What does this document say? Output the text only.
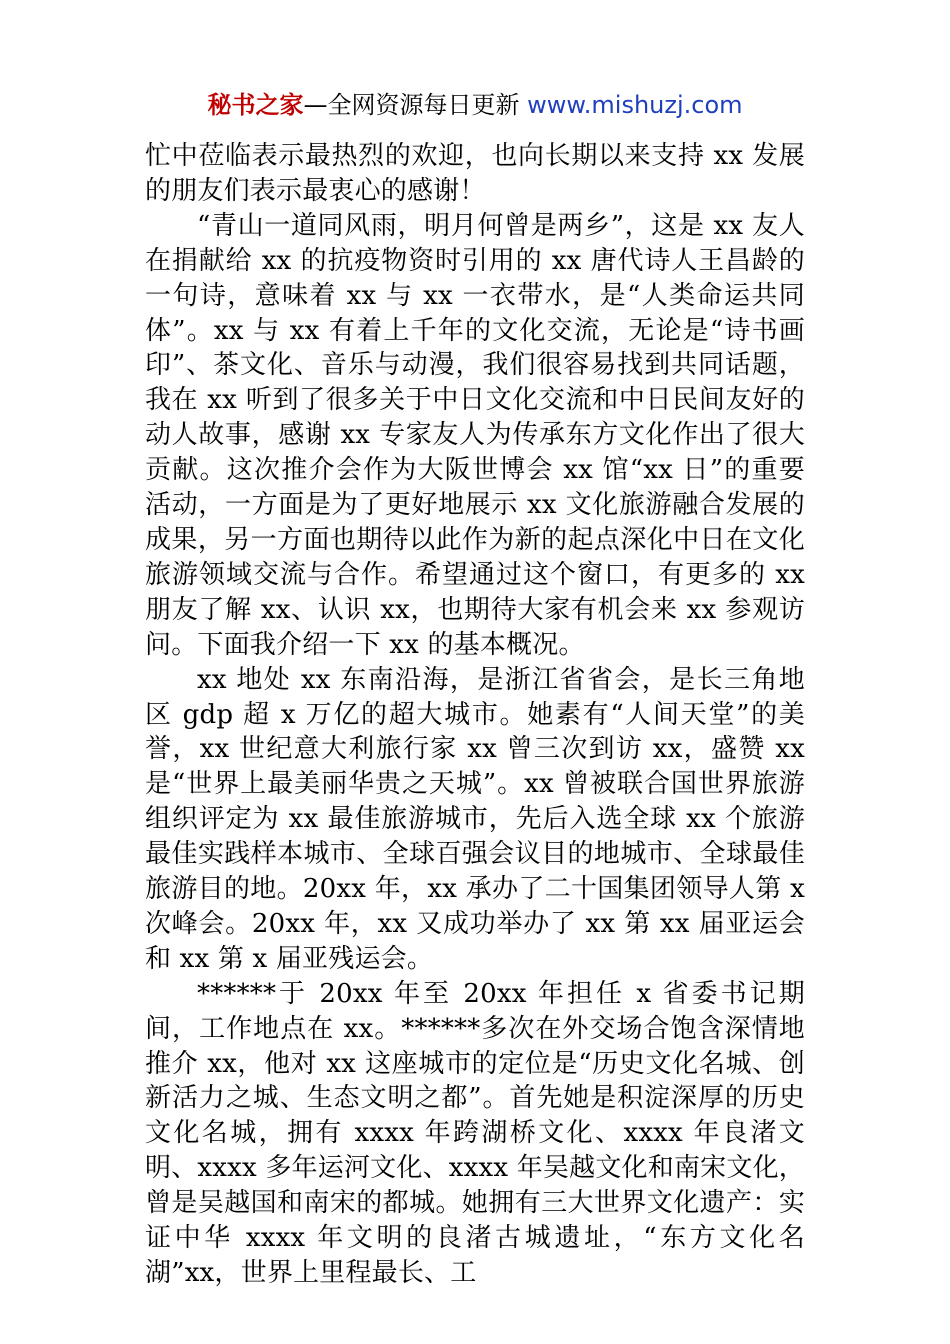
秘书之家—全网资源每日更新 www.mishuzj.com

忙中莅临表示最热烈的欢迎，也向长期以来支持 xx 发展的朋友们表示最衷心的感谢！

“青山一道同风雨，明月何曾是两乡”，这是 xx 友人在捐献给 xx 的抗疫物资时引用的 xx 唐代诗人王昌龄的一句诗，意味着 xx 与 xx 一衣带水，是“人类命运共同体”。xx 与 xx 有着上千年的文化交流，无论是“诗书画印”、茶文化、音乐与动漫，我们很容易找到共同话题，我在 xx 听到了很多关于中日文化交流和中日民间友好的动人故事，感谢 xx 专家友人为传承东方文化作出了很大贡献。这次推介会作为大阪世博会 xx 馆“xx 日”的重要活动，一方面是为了更好地展示 xx 文化旅游融合发展的成果，另一方面也期待以此作为新的起点深化中日在文化旅游领域交流与合作。希望通过这个窗口，有更多的 xx 朋友了解 xx、认识 xx，也期待大家有机会来 xx 参观访问。下面我介绍一下 xx 的基本概况。

xx 地处 xx 东南沿海，是浙江省省会，是长三角地区 gdp 超 x 万亿的超大城市。她素有“人间天堂”的美誉，xx 世纪意大利旅行家 xx 曾三次到访 xx，盛赞 xx 是“世界上最美丽华贵之天城”。xx 曾被联合国世界旅游组织评定为 xx 最佳旅游城市，先后入选全球 xx 个旅游最佳实践样本城市、全球百强会议目的地城市、全球最佳旅游目的地。20xx 年，xx 承办了二十国集团领导人第 x 次峰会。20xx 年，xx 又成功举办了 xx 第 xx 届亚运会和 xx 第 x 届亚残运会。

******于 20xx 年至 20xx 年担任 x 省委书记期间，工作地点在 xx。******多次在外交场合饱含深情地推介 xx，他对 xx 这座城市的定位是“历史文化名城、创新活力之城、生态文明之都”。首先她是积淀深厚的历史文化名城，拥有 xxxx 年跨湖桥文化、xxxx 年良渚文明、xxxx 多年运河文化、xxxx 年吴越文化和南宋文化，曾是吴越国和南宋的都城。她拥有三大世界文化遗产：实证中华 xxxx 年文明的良渚古城遗址，“东方文化名湖”xx，世界上里程最长、工
